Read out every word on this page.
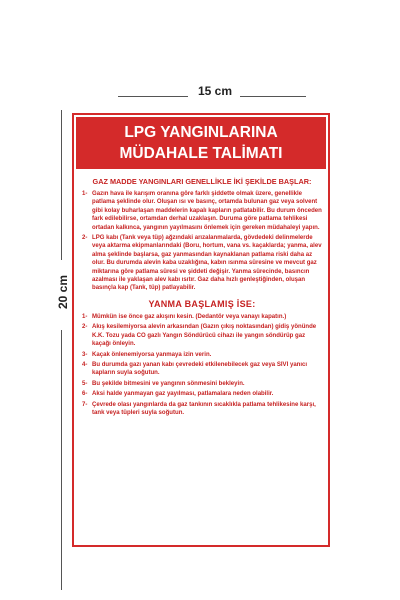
15 cm
20 cm
LPG YANGINLARINA
MÜDAHALE TALİMATI
GAZ MADDE YANGINLARI GENELLİKLE İKİ ŞEKİLDE BAŞLAR:
1- Gazın hava ile karışım oranına göre farklı şiddette olmak üzere, genellikle patlama şeklinde olur. Oluşan ısı ve basınç, ortamda bulunan gaz veya solvent gibi kolay buharlaşan maddelerin kapalı kapların patlatabilir. Bu durum önceden fark edilebilirse, ortamdan derhal uzaklaşın. Duruma göre patlama tehlikesi ortadan kalkınca, yangının yayılmasını önlemek için gereken müdahaleyi yapın.
2- LPG kabı (Tank veya tüp) ağzındaki arızalanmalarda, gövdedeki delinmelerde veya aktarma ekipmanlarındaki (Boru, hortum, vana vs. kaçaklarda; yanma, alev alma şeklinde başlarsa, gaz yanmasından kaynaklanan patlama riski daha az olur. Bu durumda alevin kaba uzaklığına, kabın ısınma süresine ve mevcut gaz miktarına göre patlama süresi ve şiddeti değişir. Yanma sürecinde, basıncın azalması ile yaklaşan alev kabı ısıtır. Gaz daha hızlı genleştiğinden, oluşan basınçla kap (Tank, tüp) patlayabilir.
YANMA BAŞLAMIŞ İSE:
1- Mümkün ise önce gaz akışını kesin. (Dedantör veya vanayı kapatın.)
2- Akış kesilemiyorsa alevin arkasından (Gazın çıkış noktasından) gidiş yönünde K.K. Tozu yada CO gazlı Yangın Söndürücü cihazı ile yangın söndürüp gaz kaçağı önleyin.
3- Kaçak önlenemiyorsa yanmaya izin verin.
4- Bu durumda gazı yanan kabı çevredeki etkilenebilecek gaz veya SIVI yanıcı kapların suyla soğutun.
5- Bu şekilde bitmesini ve yangının sönmesini bekleyin.
6- Aksi halde yanmayan gaz yayılması, patlamalara neden olabilir.
7- Çevrede olası yangınlarda da gaz tankının sıcaklıkla patlama tehlikesine karşı, tank veya tüpleri suyla soğutun.
